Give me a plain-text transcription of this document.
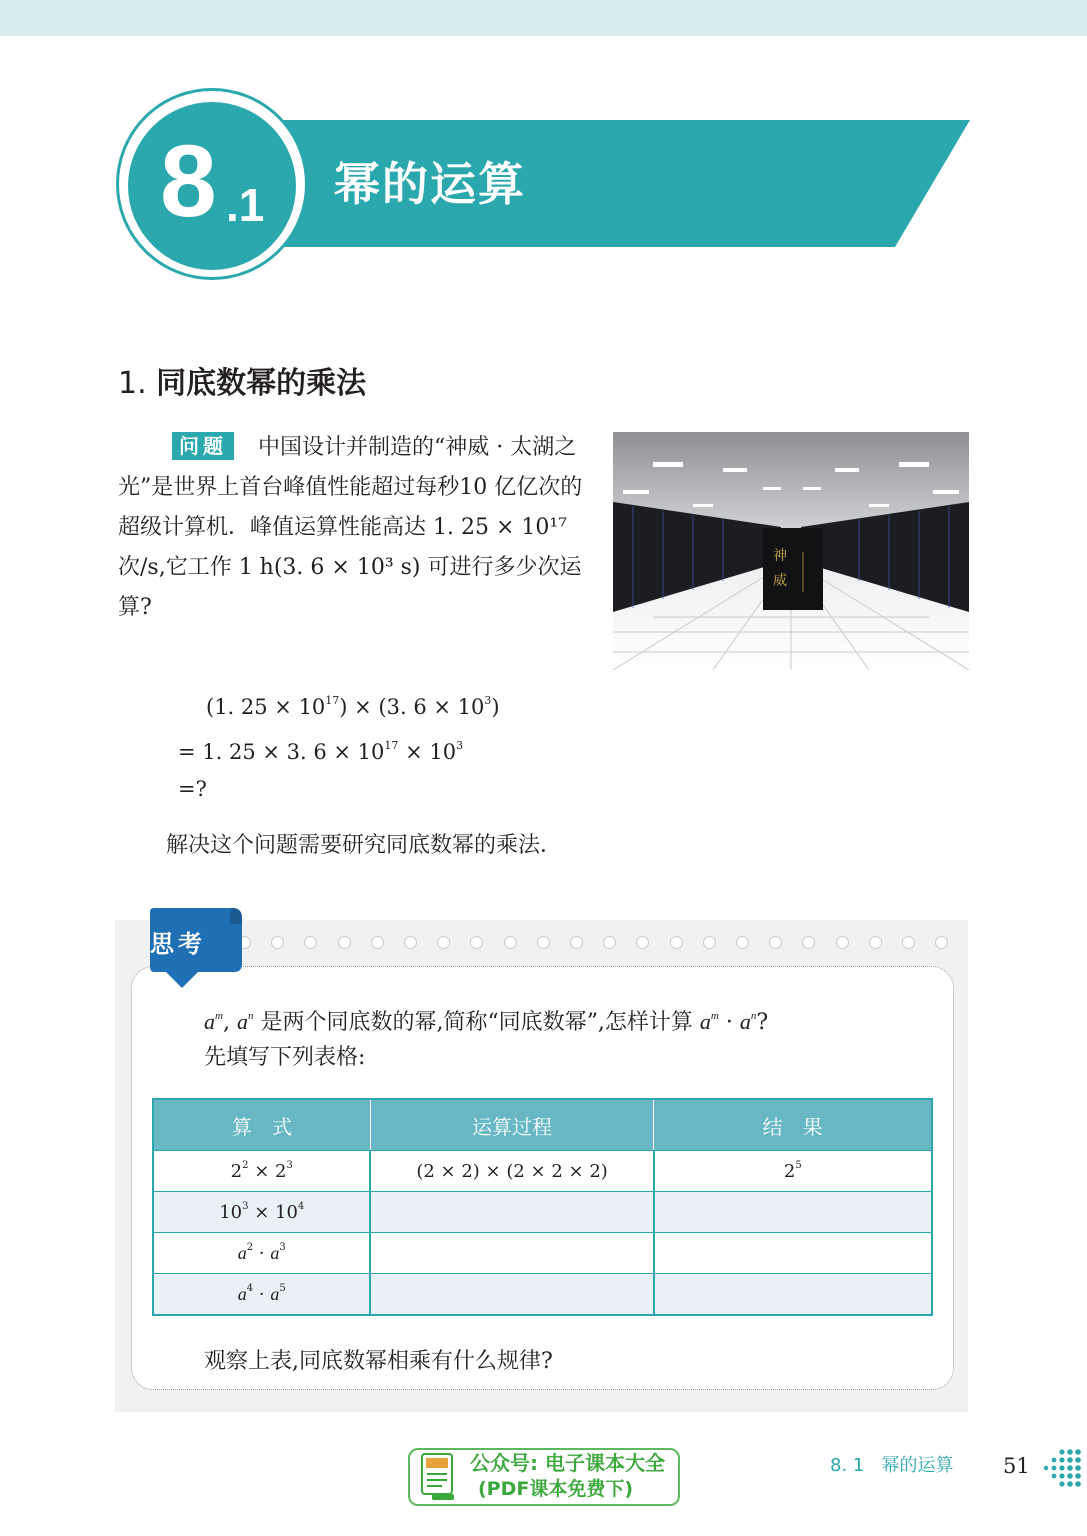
8 .1 幂的运算
1. 同底数幂的乘法
中国设计并制造的“神威 · 太湖之光”是世界上首台峰值性能超过每秒10 亿亿次的超级计算机．峰值运算性能高达 1. 25 × 10¹⁷ 次/s,它工作 1 h(3. 6 × 10³ s) 可进行多少次运算?
问题
神
威
(1. $25 \times 10^{17}) \times (3$. $6 \times 10^3$)
= 1. 25 × 3. $6 \times 10^{17} \times 10^3$
=?
解决这个问题需要研究同底数幂的乘法．
思考
$a^m$, $a^n$ 是两个同底数的幂,简称“同底数幂”,怎样计算 $a^m \cdot a^n$?
先填写下列表格:
算　式	运算过程	结　果
$2^2 \times 2^3$	(2 × 2) × (2 × 2 × 2)	$2^5$
$10^3 \times 10^4$		
$a^2 \cdot a^3$		
$a^4 \cdot a^5$		
观察上表,同底数幂相乘有什么规律?
公众号: 电子课本大全
(PDF课本免费下)
8. 1   幂的运算 51
